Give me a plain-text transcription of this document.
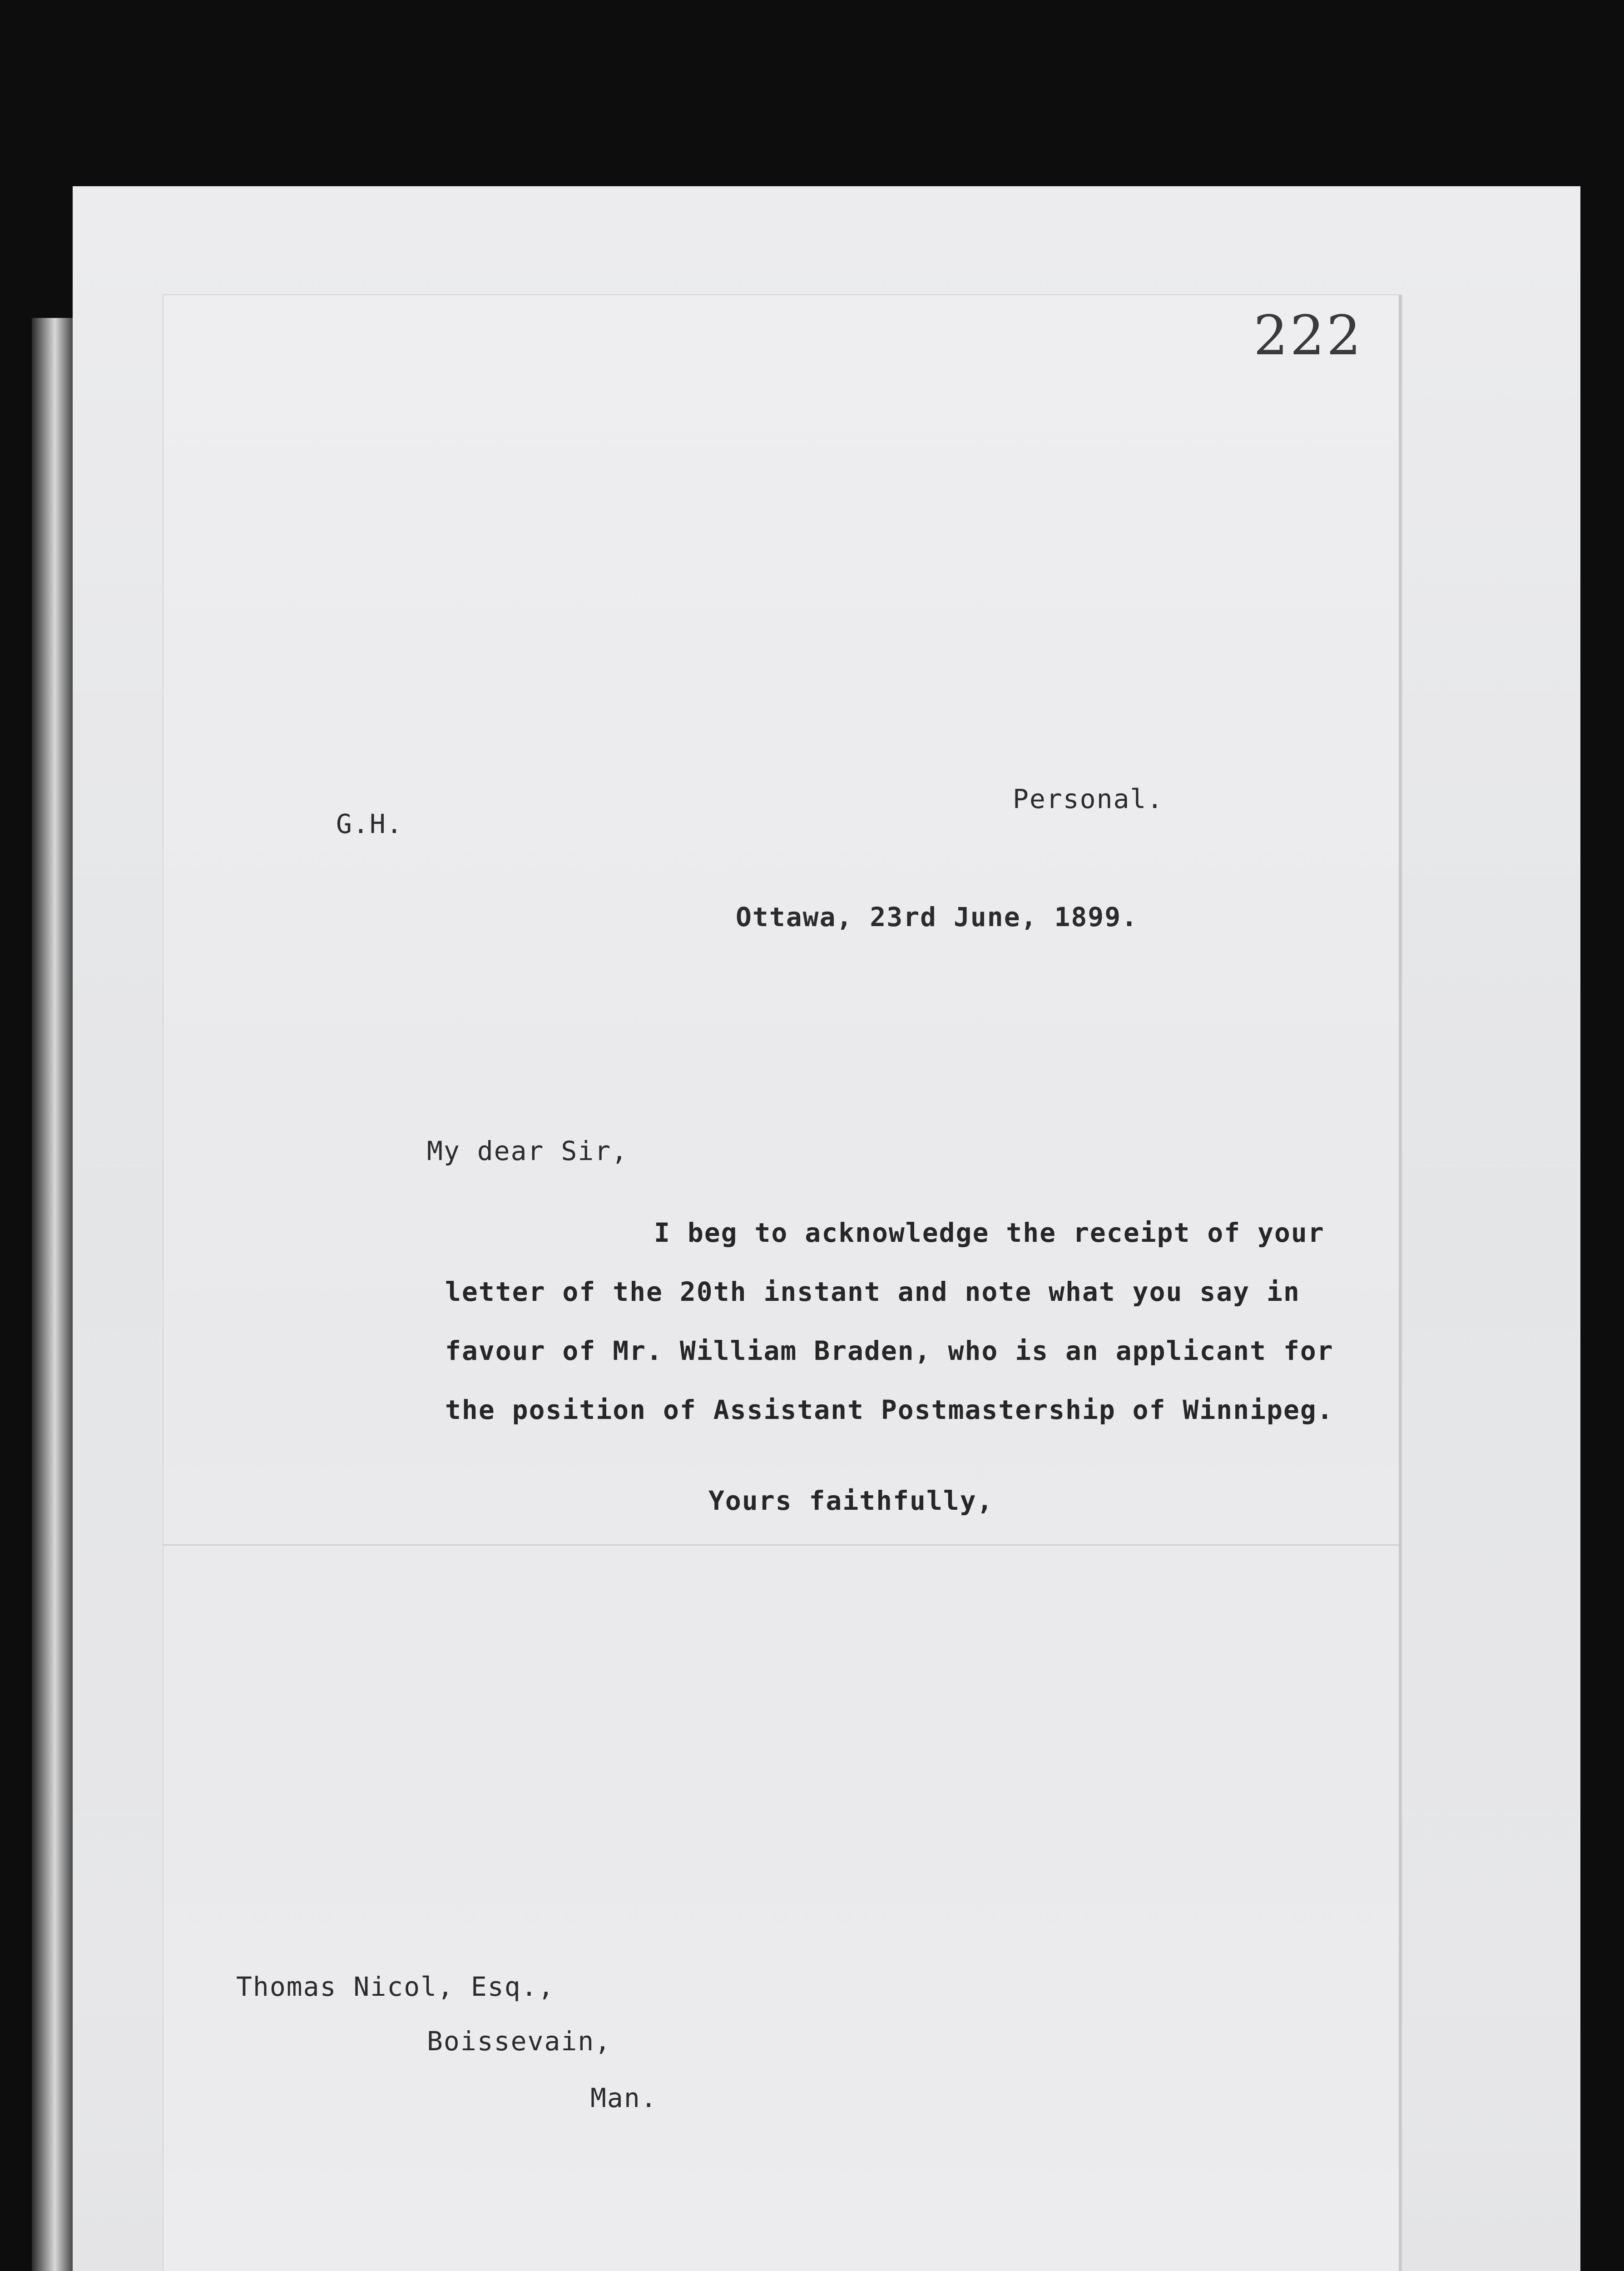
222
G.H.
Personal.
Ottawa, 23rd June, 1899.
My dear Sir,
I beg to acknowledge the receipt of your
letter of the 20th instant and note what you say in
favour of Mr. William Braden, who is an applicant for
the position of Assistant Postmastership of Winnipeg.
Yours faithfully,
Thomas Nicol, Esq.,
Boissevain,
Man.
